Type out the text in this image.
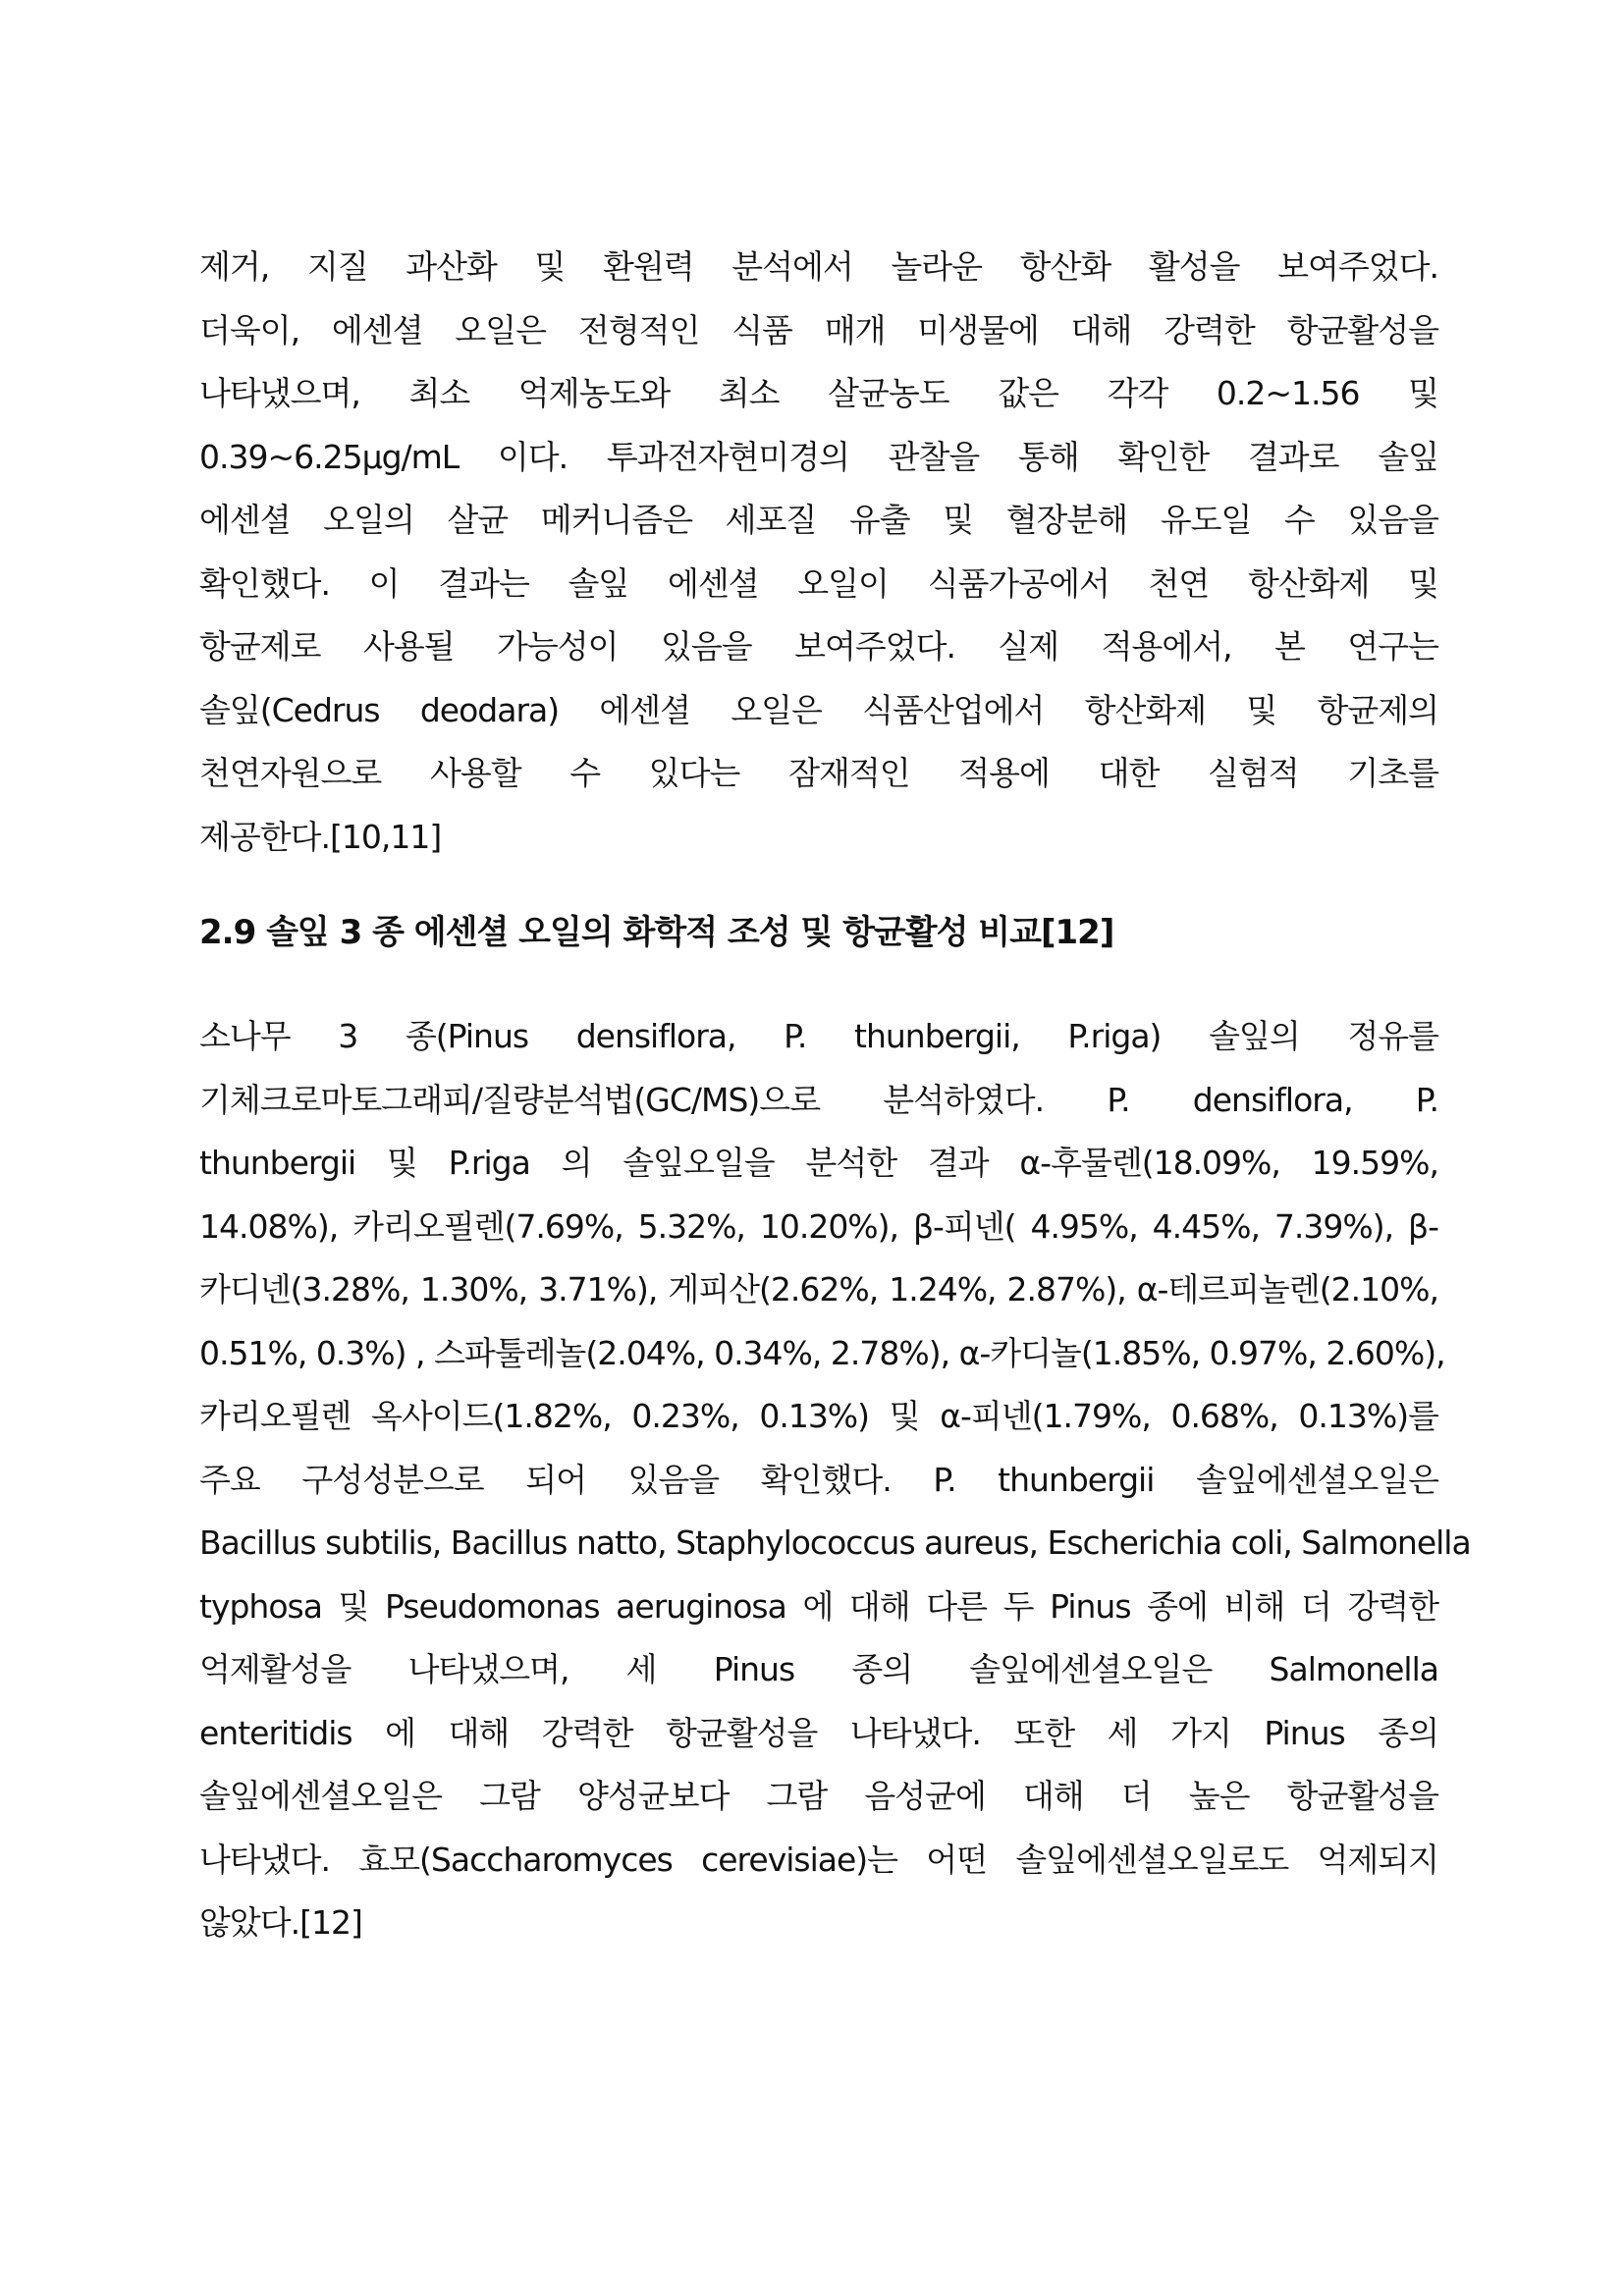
제거, 지질 과산화 및 환원력 분석에서 놀라운 항산화 활성을 보여주었다.
더욱이, 에센셜 오일은 전형적인 식품 매개 미생물에 대해 강력한 항균활성을
나타냈으며, 최소 억제농도와 최소 살균농도 값은 각각 0.2~1.56 및
0.39~6.25μg/mL 이다. 투과전자현미경의 관찰을 통해 확인한 결과로 솔잎
에센셜 오일의 살균 메커니즘은 세포질 유출 및 혈장분해 유도일 수 있음을
확인했다. 이 결과는 솔잎 에센셜 오일이 식품가공에서 천연 항산화제 및
항균제로 사용될 가능성이 있음을 보여주었다. 실제 적용에서, 본 연구는
솔잎(Cedrus deodara) 에센셜 오일은 식품산업에서 항산화제 및 항균제의
천연자원으로 사용할 수 있다는 잠재적인 적용에 대한 실험적 기초를
제공한다.[10,11]
2.9 솔잎 3 종 에센셜 오일의 화학적 조성 및 항균활성 비교[12]
소나무 3 종(Pinus densiflora, P. thunbergii, P.riga) 솔잎의 정유를
기체크로마토그래피/질량분석법(GC/MS)으로 분석하였다. P. densiflora, P.
thunbergii 및 P.riga 의 솔잎오일을 분석한 결과 α-후물렌(18.09%, 19.59%,
14.08%), 카리오필렌(7.69%, 5.32%, 10.20%), β-피넨( 4.95%, 4.45%, 7.39%), β-
카디넨(3.28%, 1.30%, 3.71%), 게피산(2.62%, 1.24%, 2.87%), α-테르피놀렌(2.10%,
0.51%, 0.3%) , 스파툴레놀(2.04%, 0.34%, 2.78%), α-카디놀(1.85%, 0.97%, 2.60%),
카리오필렌 옥사이드(1.82%, 0.23%, 0.13%) 및 α-피넨(1.79%, 0.68%, 0.13%)를
주요 구성성분으로 되어 있음을 확인했다. P. thunbergii 솔잎에센셜오일은
Bacillus subtilis, Bacillus natto, Staphylococcus aureus, Escherichia coli, Salmonella
typhosa 및 Pseudomonas aeruginosa 에 대해 다른 두 Pinus 종에 비해 더 강력한
억제활성을 나타냈으며, 세 Pinus 종의 솔잎에센셜오일은 Salmonella
enteritidis 에 대해 강력한 항균활성을 나타냈다. 또한 세 가지 Pinus 종의
솔잎에센셜오일은 그람 양성균보다 그람 음성균에 대해 더 높은 항균활성을
나타냈다. 효모(Saccharomyces cerevisiae)는 어떤 솔잎에센셜오일로도 억제되지
않았다.[12]
